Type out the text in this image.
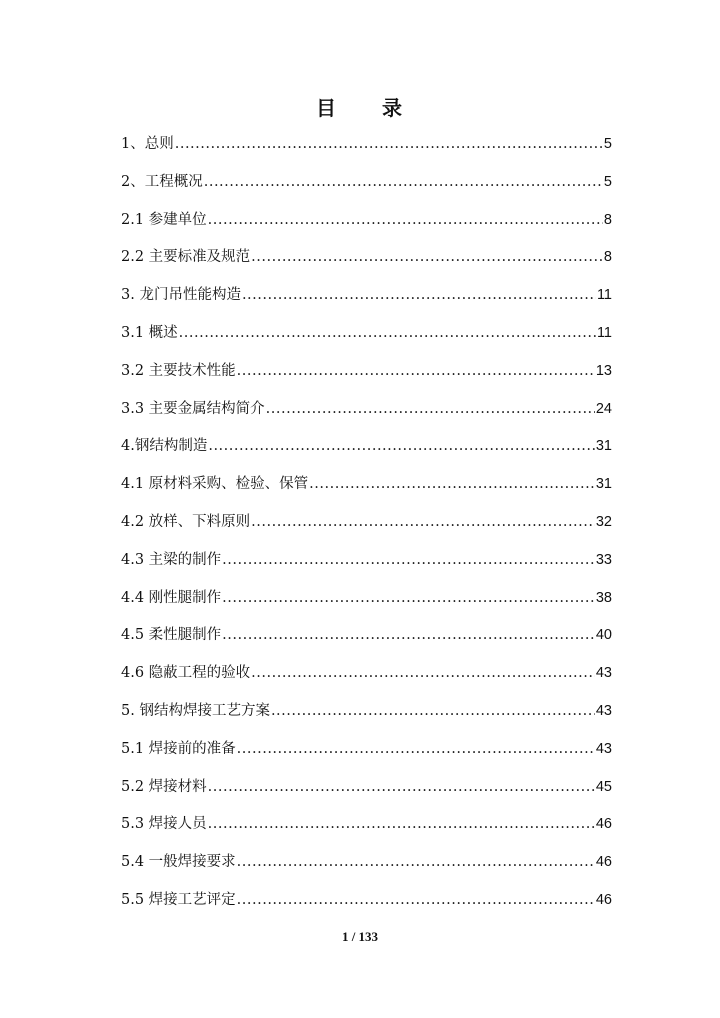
目 录
1、总则 .....	5
2、工程概况 .....	5
2.1 参建单位 .....	8
2.2 主要标准及规范 .....	8
3. 龙门吊性能构造 .....	11
3.1 概述 .....	11
3.2 主要技术性能 .....	13
3.3 主要金属结构简介 .....	24
4.钢结构制造 .....	31
4.1 原材料采购、检验、保管 .....	31
4.2 放样、下料原则 .....	32
4.3 主梁的制作 .....	33
4.4 刚性腿制作 .....	38
4.5 柔性腿制作 .....	40
4.6 隐蔽工程的验收 .....	43
5. 钢结构焊接工艺方案 .....	43
5.1 焊接前的准备 .....	43
5.2 焊接材料 .....	45
5.3 焊接人员 .....	46
5.4 一般焊接要求 .....	46
5.5 焊接工艺评定 .....	46
1 / 133
